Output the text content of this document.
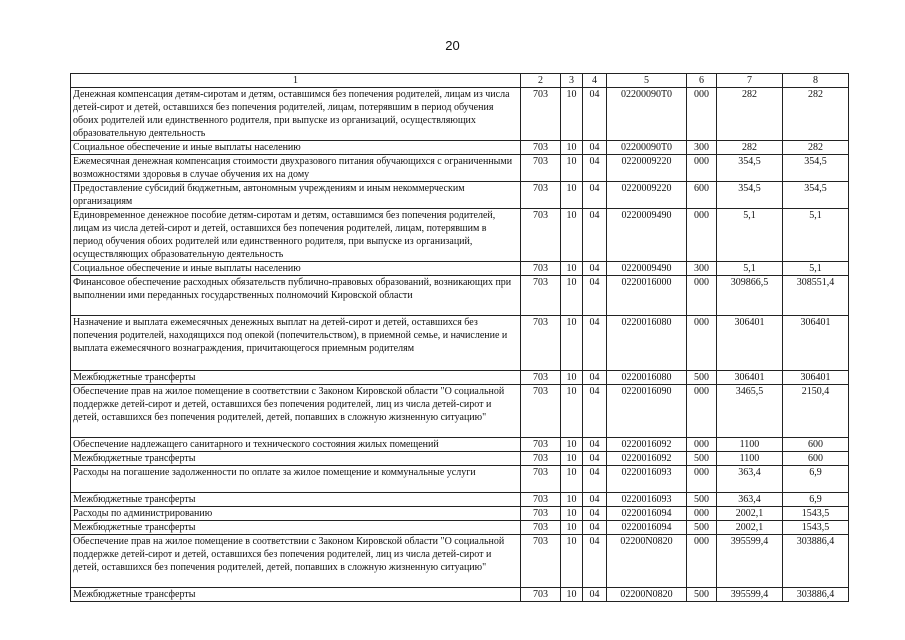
20
1	2	3	4	5	6	7	8
Денежная компенсация детям-сиротам и детям, оставшимся без попечения родителей, лицам из числа детей-сирот и детей, оставшихся без попечения родителей, лицам, потерявшим в период обучения обоих родителей или единственного родителя, при выпуске из организаций, осуществляющих образовательную деятельность	703	10	04	02200090Т0	000	282	282
Социальное обеспечение и иные выплаты населению	703	10	04	02200090Т0	300	282	282
Ежемесячная денежная компенсация стоимости двухразового питания обучающихся с ограниченными возможностями здоровья в случае обучения их на дому	703	10	04	0220009220	000	354,5	354,5
Предоставление субсидий бюджетным, автономным учреждениям и иным некоммерческим организациям	703	10	04	0220009220	600	354,5	354,5
Единовременное денежное пособие детям-сиротам и детям, оставшимся без попечения родителей, лицам из числа детей-сирот и детей, оставшихся без попечения родителей, лицам, потерявшим в период обучения обоих родителей или единственного родителя, при выпуске из организаций, осуществляющих образовательную деятельность	703	10	04	0220009490	000	5,1	5,1
Социальное обеспечение и иные выплаты населению	703	10	04	0220009490	300	5,1	5,1
Финансовое обеспечение расходных обязательств публично-правовых образований, возникающих при выполнении ими переданных государственных полномочий Кировской области	703	10	04	0220016000	000	309866,5	308551,4
Назначение и выплата ежемесячных денежных выплат на детей-сирот и детей, оставшихся без попечения родителей, находящихся под опекой (попечительством), в приемной семье, и начисление и выплата ежемесячного вознаграждения, причитающегося приемным родителям	703	10	04	0220016080	000	306401	306401
Межбюджетные трансферты	703	10	04	0220016080	500	306401	306401
Обеспечение прав на жилое помещение в соответствии с Законом Кировской области "О социальной поддержке детей-сирот и детей, оставшихся без попечения родителей, лиц из числа детей-сирот и детей, оставшихся без попечения родителей, детей, попавших в сложную жизненную ситуацию"	703	10	04	0220016090	000	3465,5	2150,4
Обеспечение надлежащего санитарного и технического состояния жилых помещений	703	10	04	0220016092	000	1100	600
Межбюджетные трансферты	703	10	04	0220016092	500	1100	600
Расходы на погашение задолженности по оплате за жилое помещение и коммунальные услуги	703	10	04	0220016093	000	363,4	6,9
Межбюджетные трансферты	703	10	04	0220016093	500	363,4	6,9
Расходы по администрированию	703	10	04	0220016094	000	2002,1	1543,5
Межбюджетные трансферты	703	10	04	0220016094	500	2002,1	1543,5
Обеспечение прав на жилое помещение в соответствии с Законом Кировской области "О социальной поддержке детей-сирот и детей, оставшихся без попечения родителей, лиц из числа детей-сирот и детей, оставшихся без попечения родителей, детей, попавших в сложную жизненную ситуацию"	703	10	04	02200N0820	000	395599,4	303886,4
Межбюджетные трансферты	703	10	04	02200N0820	500	395599,4	303886,4
